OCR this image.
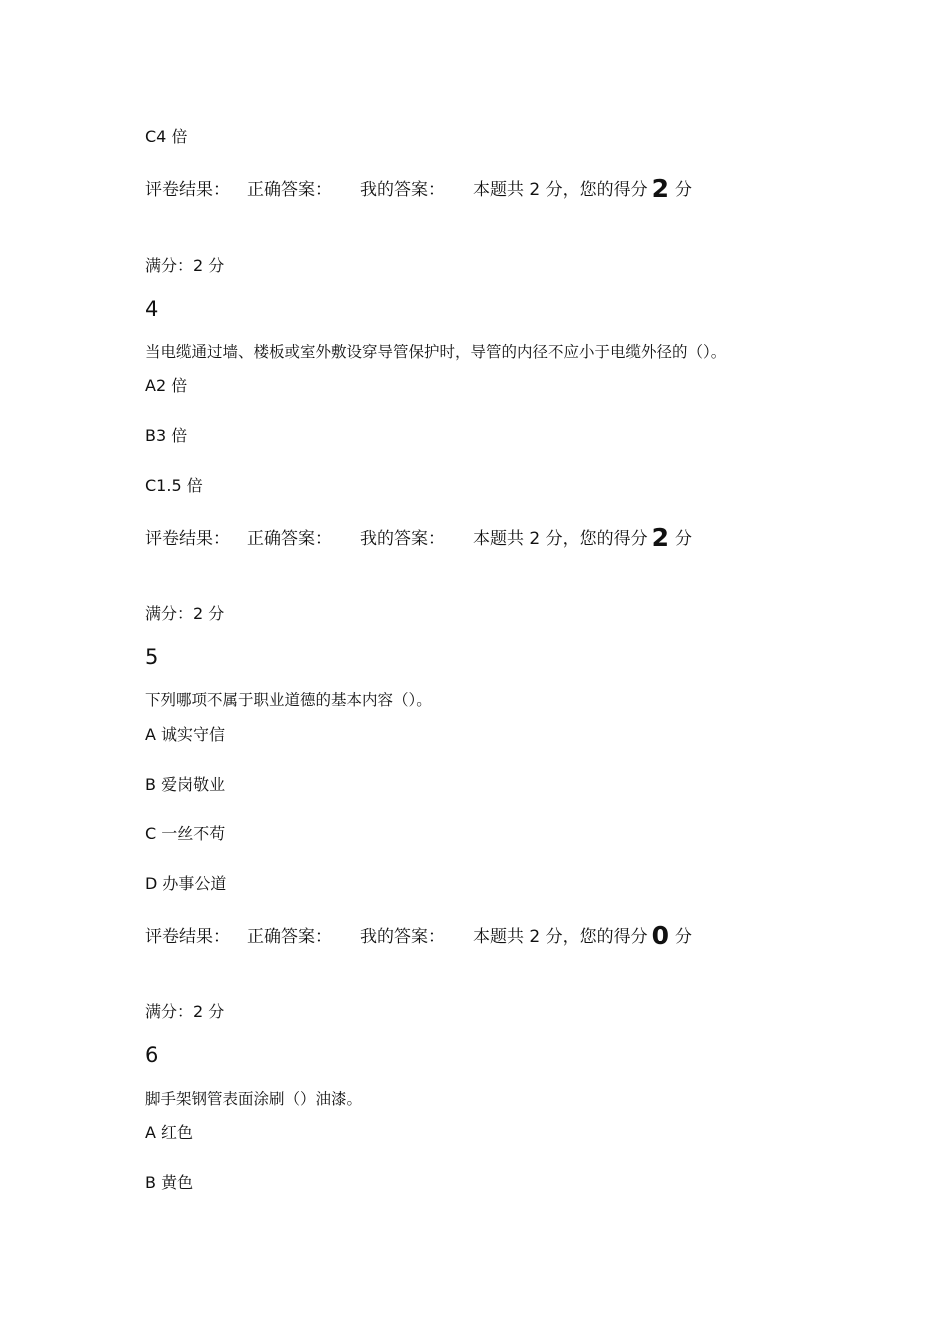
C4 倍
评卷结果： 正确答案： 我的答案： 本题共 2 分，您的得分 2 分
满分：2 分
4
当电缆通过墙、楼板或室外敷设穿导管保护时，导管的内径不应小于电缆外径的（）。
A2 倍
B3 倍
C1.5 倍
评卷结果： 正确答案： 我的答案： 本题共 2 分，您的得分 2 分
满分：2 分
5
下列哪项不属于职业道德的基本内容（）。
A 诚实守信
B 爱岗敬业
C 一丝不苟
D 办事公道
评卷结果： 正确答案： 我的答案： 本题共 2 分，您的得分 0 分
满分：2 分
6
脚手架钢管表面涂刷（）油漆。
A 红色
B 黄色
